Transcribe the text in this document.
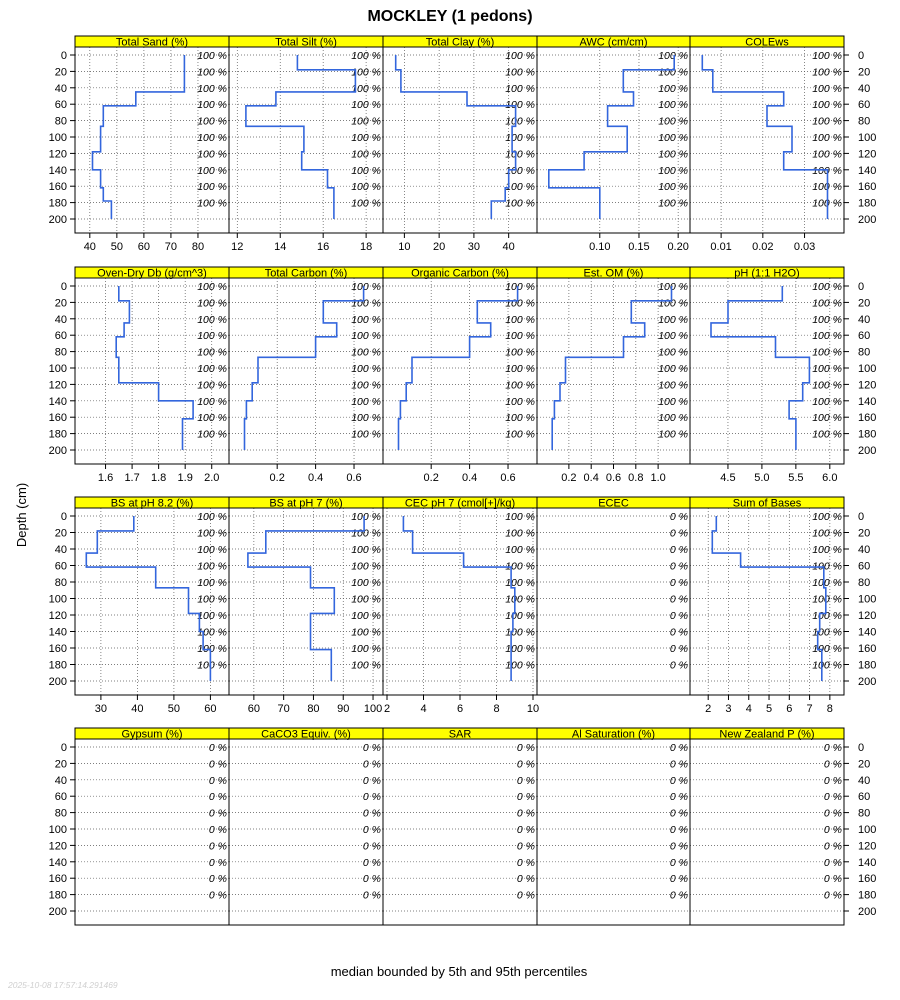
MOCKLEY (1 pedons)
Depth (cm)
median bounded by 5th and 95th percentiles
2025-10-08 17:57:14.291469
Total Sand (%)
100 %
100 %
100 %
100 %
100 %
100 %
100 %
100 %
100 %
100 %
40 50 60 70 80
0
20
40
60
80
100
120
140
160
180
200
Total Silt (%)
100 %
100 %
100 %
100 %
100 %
100 %
100 %
100 %
100 %
100 %
12	14	16	18
Total Clay (%)
100 %
100 %
100 %
100 %
100 %
100 %
100 %
100 %
100 %
100 %
10 20 30 40
AWC (cm/cm)
100 %
100 %
100 %
100 %
100 %
100 %
100 %
100 %
100 %
100 %
0.10 0.15 0.20
COLEws
100 %
100 %
100 %
100 %
100 %
100 %
100 %
100 %
100 %
100 %
0.01 0.02 0.03
0
20
40
60
80
100
120
140
160
180
200
Oven-Dry Db (g/cm^3)
100 %
100 %
100 %
100 %
100 %
100 %
100 %
100 %
100 %
100 %
1.6 1.7 1.8 1.9 2.0
0
20
40
60
80
100
120
140
160
180
200
Total Carbon (%)
100 %
100 %
100 %
100 %
100 %
100 %
100 %
100 %
100 %
100 %
0.2 0.4 0.6
Organic Carbon (%)
100 %
100 %
100 %
100 %
100 %
100 %
100 %
100 %
100 %
100 %
0.2 0.4 0.6
Est. OM (%)
100 %
100 %
100 %
100 %
100 %
100 %
100 %
100 %
100 %
100 %
0.2 0.4 0.6 0.8 1.0
pH (1:1 H2O)
100 %
100 %
100 %
100 %
100 %
100 %
100 %
100 %
100 %
100 %
4.5 5.0 5.5 6.0
0
20
40
60
80
100
120
140
160
180
200
BS at pH 8.2 (%)
100 %
100 %
100 %
100 %
100 %
100 %
100 %
100 %
100 %
100 %
30 40 50 60
0
20
40
60
80
100
120
140
160
180
200
BS at pH 7 (%)
100 %
100 %
100 %
100 %
100 %
100 %
100 %
100 %
100 %
100 %
60 70 80 90 100
CEC pH 7 (cmol[+]/kg)
100 %
100 %
100 %
100 %
100 %
100 %
100 %
100 %
100 %
100 %
2	4	6	8 10
ECEC
0 %
0 %
0 %
0 %
0 %
0 %
0 %
0 %
0 %
0 %
Sum of Bases
100 %
100 %
100 %
100 %
100 %
100 %
100 %
100 %
100 %
100 %
2 3 4 5 6 7 8
0
20
40
60
80
100
120
140
160
180
200
Gypsum (%)
0 %
0 %
0 %
0 %
0 %
0 %
0 %
0 %
0 %
0 %
0
20
40
60
80
100
120
140
160
180
200
CaCO3 Equiv. (%)
0 %
0 %
0 %
0 %
0 %
0 %
0 %
0 %
0 %
0 %
SAR
0 %
0 %
0 %
0 %
0 %
0 %
0 %
0 %
0 %
0 %
Al Saturation (%)
0 %
0 %
0 %
0 %
0 %
0 %
0 %
0 %
0 %
0 %
New Zealand P (%)
0 %
0 %
0 %
0 %
0 %
0 %
0 %
0 %
0 %
0 %
0
20
40
60
80
100
120
140
160
180
200
